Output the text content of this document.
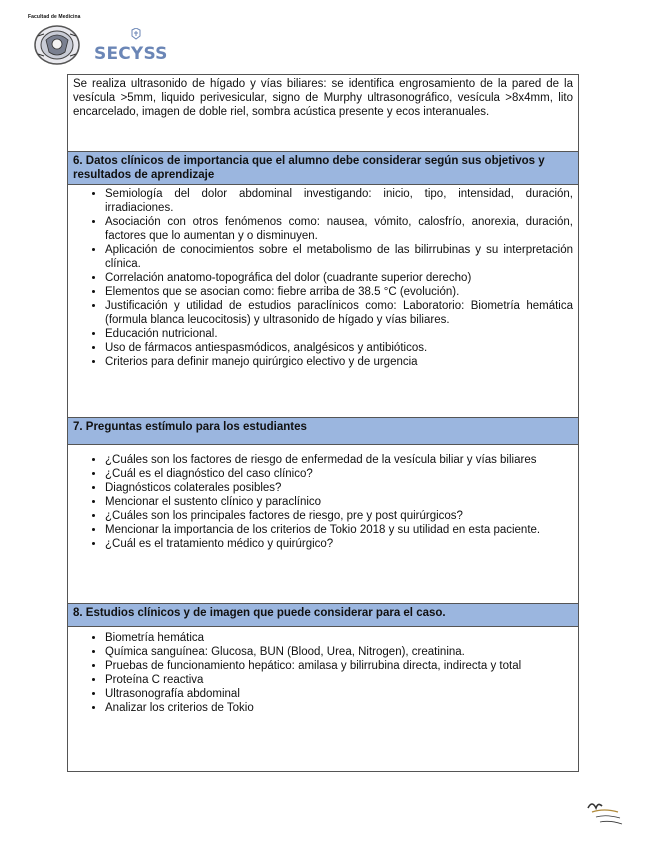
Facultad de Medicina
SECYSS
Se realiza ultrasonido de hígado y vías biliares: se identifica engrosamiento de la pared de la vesícula >5mm, liquido perivesicular, signo de Murphy ultrasonográfico, vesícula >8x4mm, lito encarcelado, imagen de doble riel, sombra acústica presente y ecos interanuales.
6. Datos clínicos de importancia que el alumno debe considerar según sus objetivos y resultados de aprendizaje

• Semiología del dolor abdominal investigando: inicio, tipo, intensidad, duración, irradiaciones.
• Asociación con otros fenómenos como: nausea, vómito, calosfrío, anorexia, duración, factores que lo aumentan y o disminuyen.
• Aplicación de conocimientos sobre el metabolismo de las bilirrubinas y su interpretación clínica.
• Correlación anatomo-topográfica del dolor (cuadrante superior derecho)
• Elementos que se asocian como: fiebre arriba de 38.5 °C (evolución).
• Justificación y utilidad de estudios paraclínicos como: Laboratorio: Biometría hemática (formula blanca leucocitosis) y ultrasonido de hígado y vías biliares.
• Educación nutricional.
• Uso de fármacos antiespasmódicos, analgésicos y antibióticos.
• Criterios para definir manejo quirúrgico electivo y de urgencia

7. Preguntas estímulo para los estudiantes

• ¿Cuáles son los factores de riesgo de enfermedad de la vesícula biliar y vías biliares
• ¿Cuál es el diagnóstico del caso clínico?
• Diagnósticos colaterales posibles?
• Mencionar el sustento clínico y paraclínico
• ¿Cuáles son los principales factores de riesgo, pre y post quirúrgicos?
• Mencionar la importancia de los criterios de Tokio 2018 y su utilidad en esta paciente.
• ¿Cuál es el tratamiento médico y quirúrgico?

8. Estudios clínicos y de imagen que puede considerar para el caso.

• Biometría hemática
• Química sanguínea: Glucosa, BUN (Blood, Urea, Nitrogen), creatinina.
• Pruebas de funcionamiento hepático: amilasa y bilirrubina directa, indirecta y total
• Proteína C reactiva
• Ultrasonografía abdominal
• Analizar los criterios de Tokio
